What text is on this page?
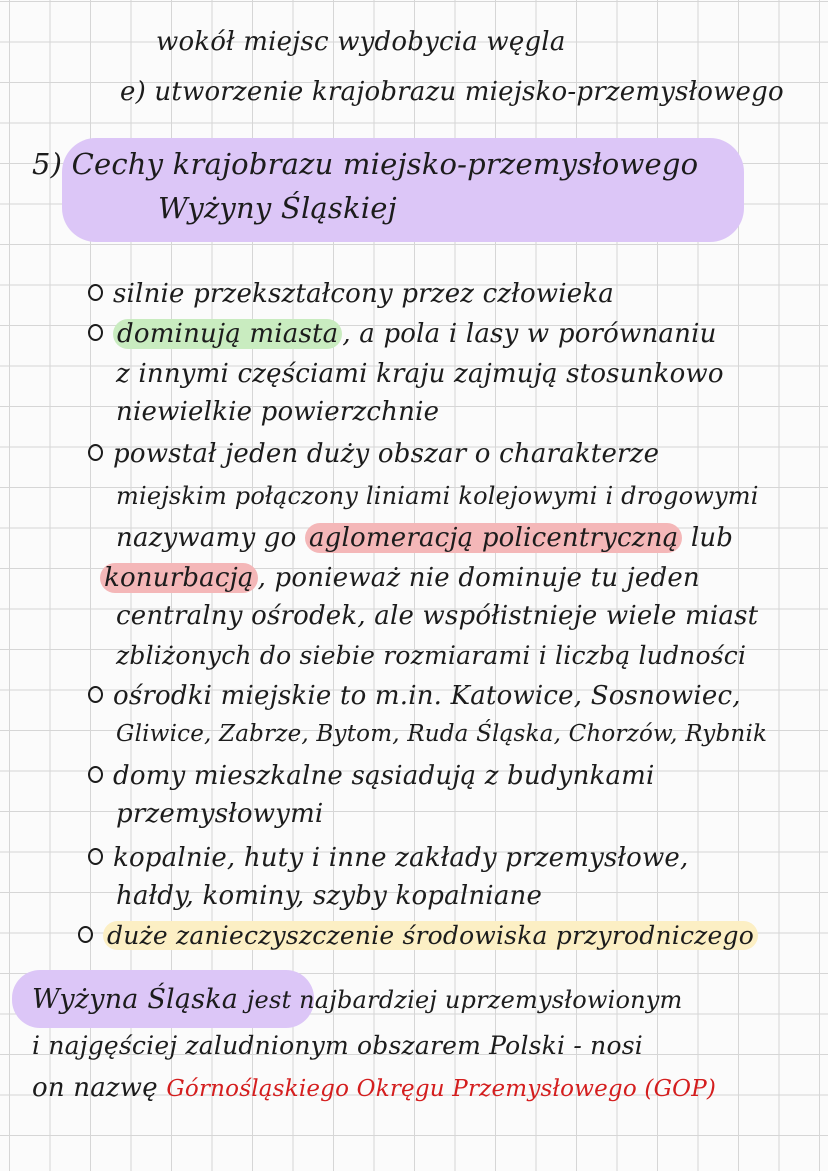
wokół miejsc wydobycia węgla
e) utworzenie krajobrazu miejsko-przemysłowego
5) Cechy krajobrazu miejsko-przemysłowego
Wyżyny Śląskiej
silnie przekształcony przez człowieka
dominują miasta , a pola i lasy w porównaniu
z innymi częściami kraju zajmują stosunkowo
niewielkie powierzchnie
powstał jeden duży obszar o charakterze
miejskim połączony liniami kolejowymi i drogowymi
nazywamy go aglomeracją policentryczną lub
konurbacją , ponieważ nie dominuje tu jeden
centralny ośrodek, ale współistnieje wiele miast
zbliżonych do siebie rozmiarami i liczbą ludności
ośrodki miejskie to m.in. Katowice, Sosnowiec,
Gliwice, Zabrze, Bytom, Ruda Śląska, Chorzów, Rybnik
domy mieszkalne sąsiadują z budynkami
przemysłowymi
kopalnie, huty i inne zakłady przemysłowe,
hałdy, kominy, szyby kopalniane
duże zanieczyszczenie środowiska przyrodniczego
Wyżyna Śląska jest najbardziej uprzemysłowionym
i najgęściej zaludnionym obszarem Polski - nosi
on nazwę Górnośląskiego Okręgu Przemysłowego (GOP)
